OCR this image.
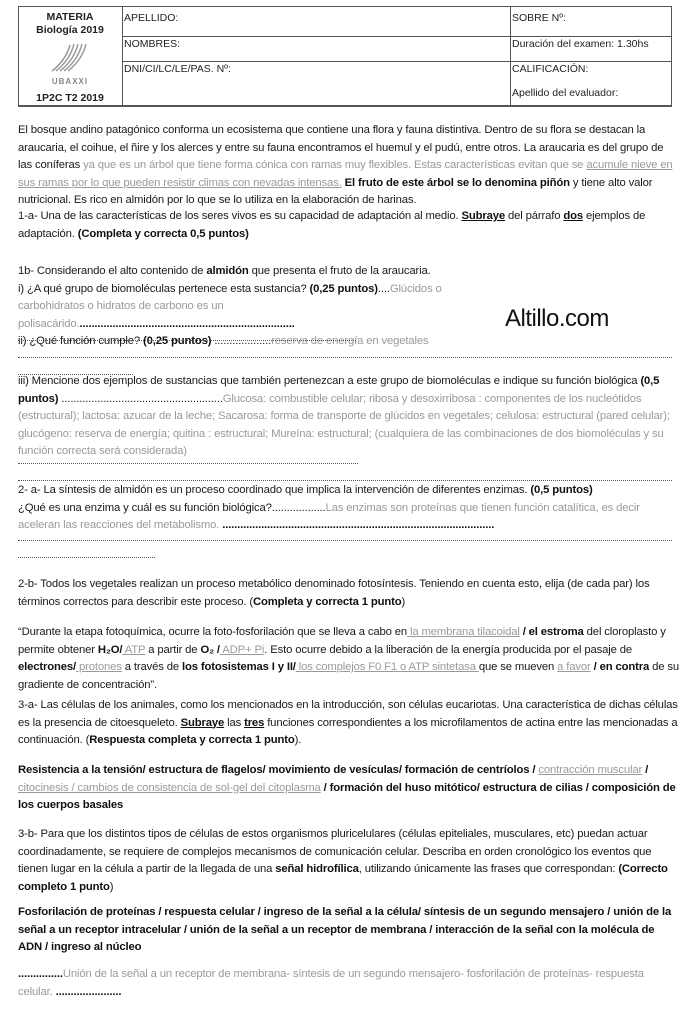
MATERIA
Biología 2019
UBAXXI
1P2C T2 2019
APELLIDO:
NOMBRES:
DNI/CI/LC/LE/PAS. Nº:
SOBRE Nº:
Duración del examen: 1.30hs
CALIFICACIÓN:
Apellido del evaluador:
Altillo.com
El bosque andino patagónico conforma un ecosistema que contiene una flora y fauna distintiva. Dentro de su flora se destacan la araucaria, el coihue, el ñire y los alerces y entre su fauna encontramos el huemul y el pudú, entre otros. La araucaria es del grupo de las coníferas ya que es un árbol que tiene forma cónica con ramas muy flexibles. Estas características evitan que se acumule nieve en sus ramas por lo que pueden resistir climas con nevadas intensas. El fruto de este árbol se lo denomina piñón y tiene alto valor nutricional. Es rico en almidón por lo que se lo utiliza en la elaboración de harinas.
1-a- Una de las características de los seres vivos es su capacidad de adaptación al medio. Subraye del párrafo dos ejemplos de adaptación. (Completa y correcta 0,5 puntos)
1b- Considerando el alto contenido de almidón que presenta el fruto de la araucaria.
i) ¿A qué grupo de biomoléculas pertenece esta sustancia? (0,25 puntos)....Glúcidos o carbohidratos o hidratos de carbono es un polisacárido.........................................................................
ii) ¿Qué función cumple? (0,25 puntos) ...................reserva de energía en vegetales
iii) Mencione dos ejemplos de sustancias que también pertenezcan a este grupo de biomoléculas e indique su función biológica (0,5 puntos) ......................................................Glucosa: combustible celular; ribosa y desoxirribosa : componentes de los nucleótidos (estructural); lactosa: azucar de la leche; Sacarosa: forma de transporte de glúcidos en vegetales; celulosa: estructural (pared celular); glucógeno: reserva de energía; quitina : estructural; Mureína: estructural; (cualquiera de las combinaciones de dos biomoléculas y su función correcta será considerada)
2- a- La síntesis de almidón es un proceso coordinado que implica la intervención de diferentes enzimas. (0,5 puntos)
¿Qué es una enzima y cuál es su función biológica?..................Las enzimas son proteínas que tienen función catalítica, es decir aceleran las reacciones del metabolismo. ...........................................................................................
2-b- Todos los vegetales realizan un proceso metabólico denominado fotosíntesis. Teniendo en cuenta esto, elija (de cada par) los términos correctos para describir este proceso. (Completa y correcta 1 punto)
“Durante la etapa fotoquímica, ocurre la foto-fosforilación que se lleva a cabo en la membrana tilacoidal / el estroma del cloroplasto y permite obtener H₂O/ ATP a partir de O₂ / ADP+ Pi. Esto ocurre debido a la liberación de la energía producida por el pasaje de electrones/ protones a través de los fotosistemas I y II/ los complejos F0 F1 o ATP sintetasa que se mueven a favor / en contra de su gradiente de concentración”.
3-a- Las células de los animales, como los mencionados en la introducción, son células eucariotas. Una característica de dichas células es la presencia de citoesqueleto. Subraye las tres funciones correspondientes a los microfilamentos de actina entre las mencionadas a continuación. (Respuesta completa y correcta 1 punto).
Resistencia a la tensión/ estructura de flagelos/ movimiento de vesículas/ formación de centríolos / contracción muscular / citocinesis / cambios de consistencia de sol-gel del citoplasma / formación del huso mitótico/ estructura de cilias / composición de los cuerpos basales
3-b- Para que los distintos tipos de células de estos organismos pluricelulares (células epiteliales, musculares, etc) puedan actuar coordinadamente, se requiere de complejos mecanismos de comunicación celular. Describa en orden cronológico los eventos que tienen lugar en la célula a partir de la llegada de una señal hidrofílica, utilizando únicamente las frases que correspondan: (Correcto completo 1 punto)
Fosforilación de proteínas / respuesta celular / ingreso de la señal a la célula/ síntesis de un segundo mensajero / unión de la señal a un receptor intracelular / unión de la señal a un receptor de membrana / interacción de la señal con la molécula de ADN / ingreso al núcleo
...............Unión de la señal a un receptor de membrana- síntesis de un segundo mensajero- fosforilación de proteínas- respuesta celular. ......................
